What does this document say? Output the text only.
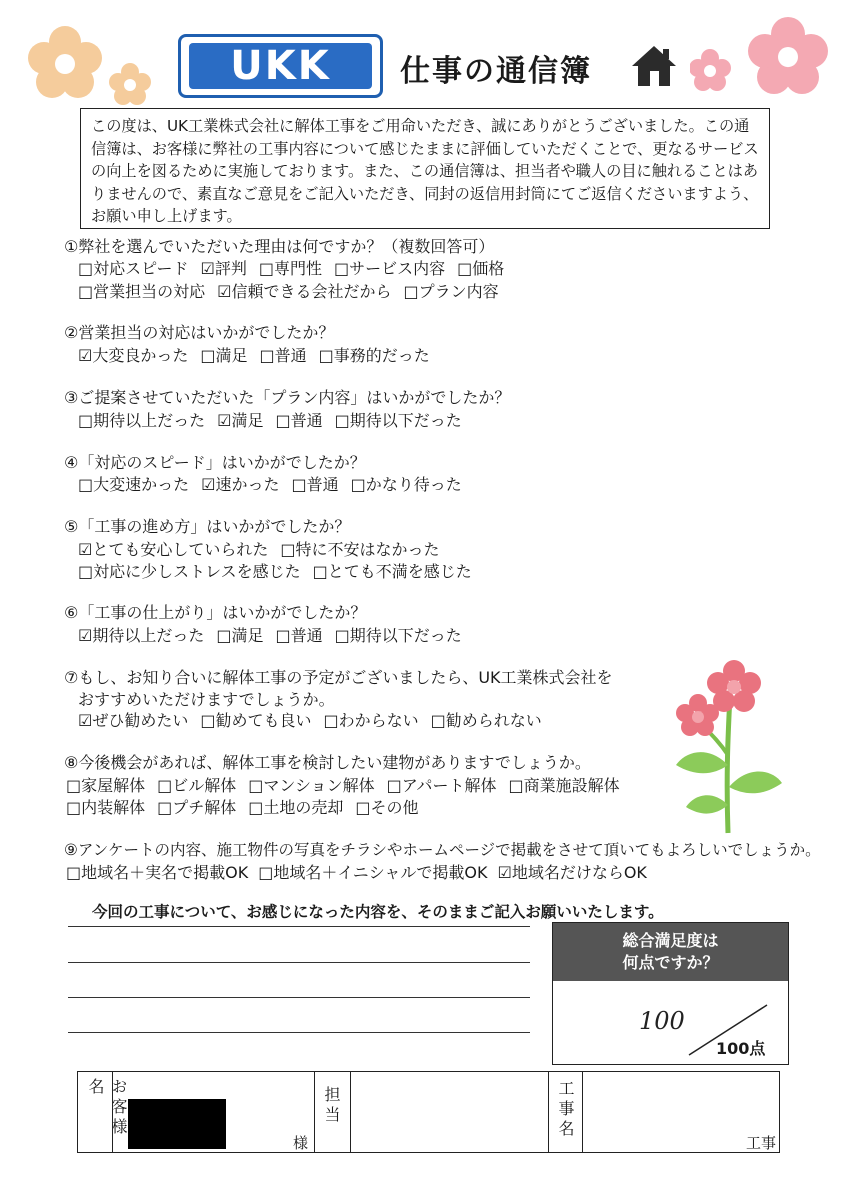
UKK 仕事の通信簿
この度は、UK工業株式会社に解体工事をご用命いただき、誠にありがとうございました。この通信簿は、お客様に弊社の工事内容について感じたままに評価していただくことで、更なるサービスの向上を図るために実施しております。また、この通信簿は、担当者や職人の目に触れることはありませんので、素直なご意見をご記入いただき、同封の返信用封筒にてご返信くださいますよう、お願い申し上げます。
①弊社を選んでいただいた理由は何ですか？（複数回答可）
□対応スピード ☑評判 □専門性 □サービス内容 □価格
□営業担当の対応 ☑信頼できる会社だから □プラン内容
②営業担当の対応はいかがでしたか？
☑大変良かった □満足 □普通 □事務的だった
③ご提案させていただいた「プラン内容」はいかがでしたか？
□期待以上だった ☑満足 □普通 □期待以下だった
④「対応のスピード」はいかがでしたか？
□大変速かった ☑速かった □普通 □かなり待った
⑤「工事の進め方」はいかがでしたか？
☑とても安心していられた □特に不安はなかった
□対応に少しストレスを感じた □とても不満を感じた
⑥「工事の仕上がり」はいかがでしたか？
☑期待以上だった □満足 □普通 □期待以下だった
⑦もし、お知り合いに解体工事の予定がございましたら、UK工業株式会社を
おすすめいただけますでしょうか。
☑ぜひ勧めたい □勧めても良い □わからない □勧められない
⑧今後機会があれば、解体工事を検討したい建物がありますでしょうか。
□家屋解体 □ビル解体 □マンション解体 □アパート解体 □商業施設解体
□内装解体 □プチ解体 □土地の売却 □その他
⑨アンケートの内容、施工物件の写真をチラシやホームページで掲載をさせて頂いてもよろしいでしょうか。
□地域名＋実名で掲載OK □地域名＋イニシャルで掲載OK ☑地域名だけならOK
今回の工事について、お感じになった内容を、そのままご記入お願いいたします。
総合満足度は
何点ですか？
100
100点
お客様名
様
担当	工事名
工事
